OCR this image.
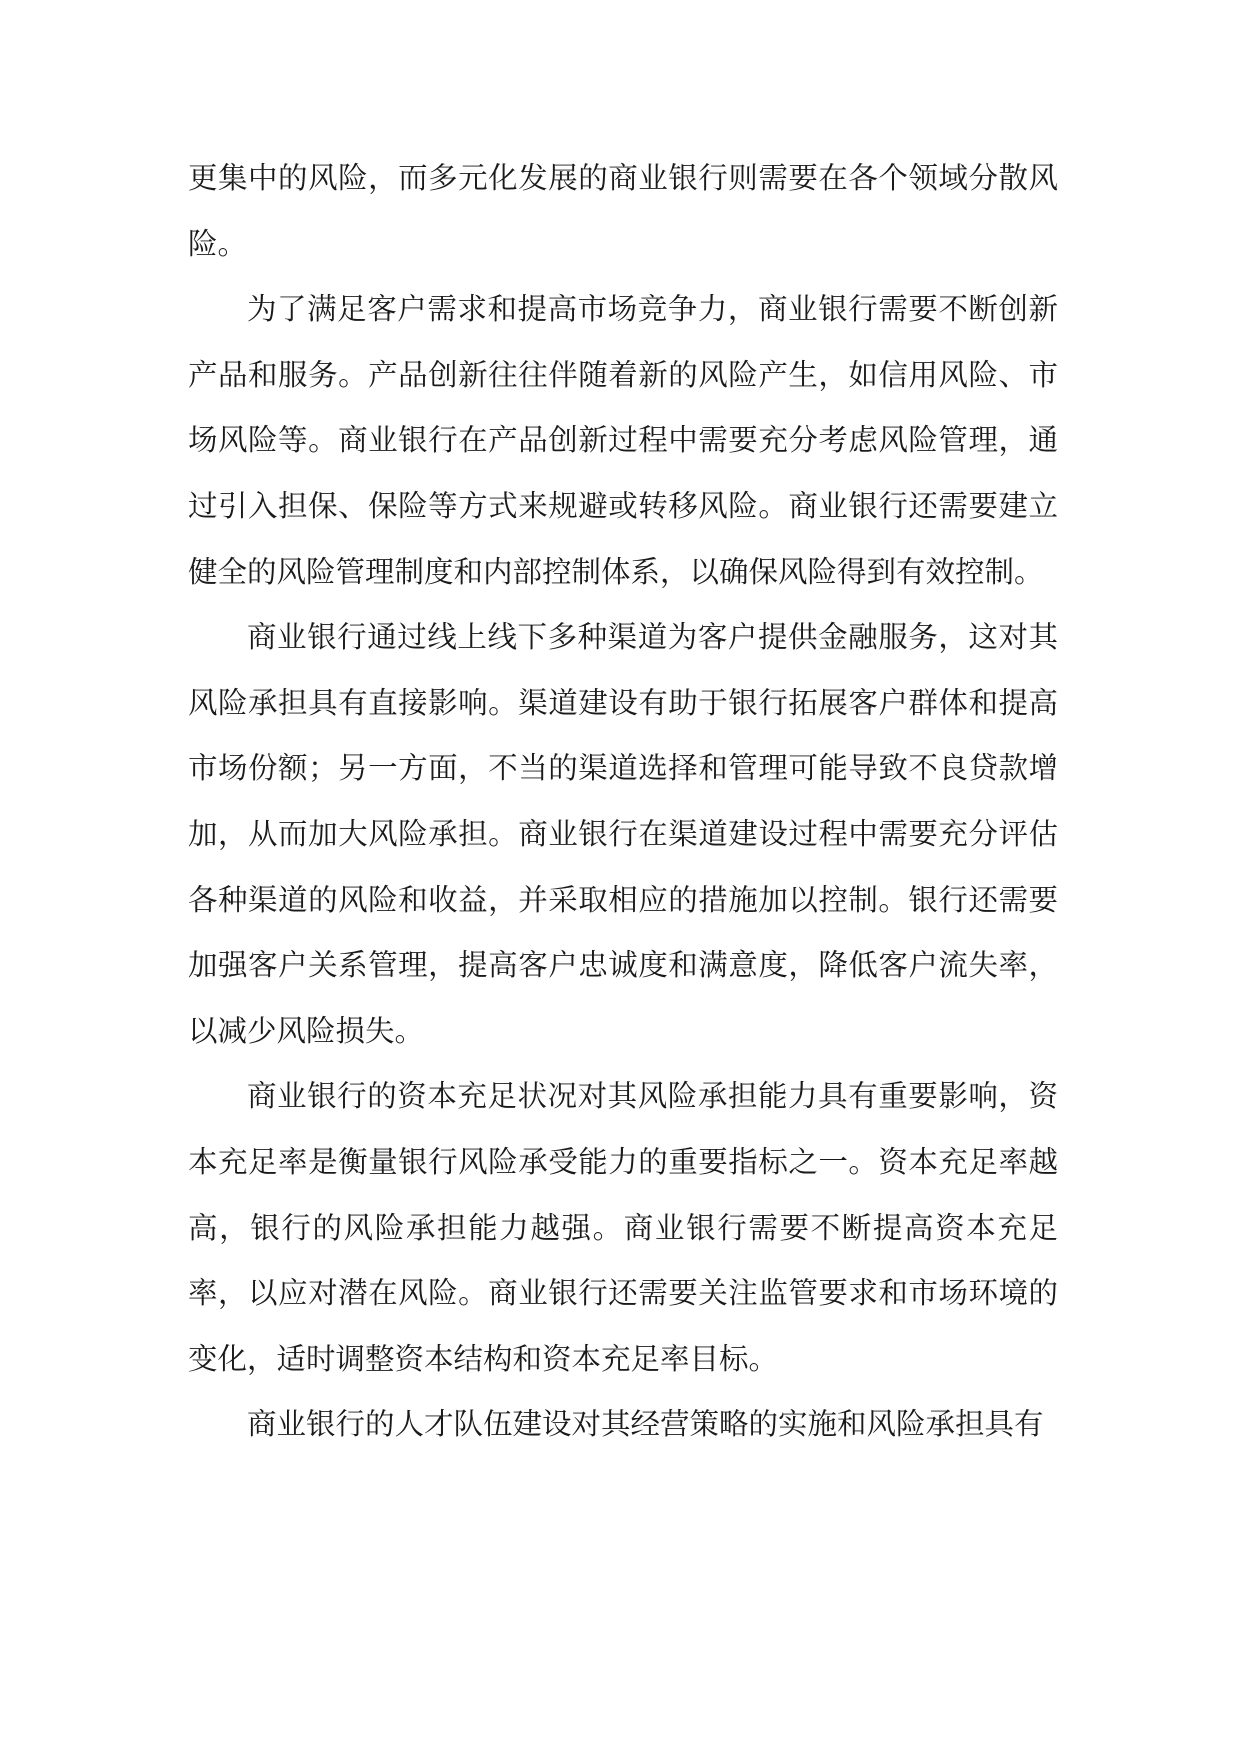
更集中的风险，而多元化发展的商业银行则需要在各个领域分散风险。

为了满足客户需求和提高市场竞争力，商业银行需要不断创新产品和服务。产品创新往往伴随着新的风险产生，如信用风险、市场风险等。商业银行在产品创新过程中需要充分考虑风险管理，通过引入担保、保险等方式来规避或转移风险。商业银行还需要建立健全的风险管理制度和内部控制体系，以确保风险得到有效控制。

商业银行通过线上线下多种渠道为客户提供金融服务，这对其风险承担具有直接影响。渠道建设有助于银行拓展客户群体和提高市场份额；另一方面，不当的渠道选择和管理可能导致不良贷款增加，从而加大风险承担。商业银行在渠道建设过程中需要充分评估各种渠道的风险和收益，并采取相应的措施加以控制。银行还需要加强客户关系管理，提高客户忠诚度和满意度，降低客户流失率，以减少风险损失。

商业银行的资本充足状况对其风险承担能力具有重要影响，资本充足率是衡量银行风险承受能力的重要指标之一。资本充足率越高，银行的风险承担能力越强。商业银行需要不断提高资本充足率，以应对潜在风险。商业银行还需要关注监管要求和市场环境的变化，适时调整资本结构和资本充足率目标。

商业银行的人才队伍建设对其经营策略的实施和风险承担具有
